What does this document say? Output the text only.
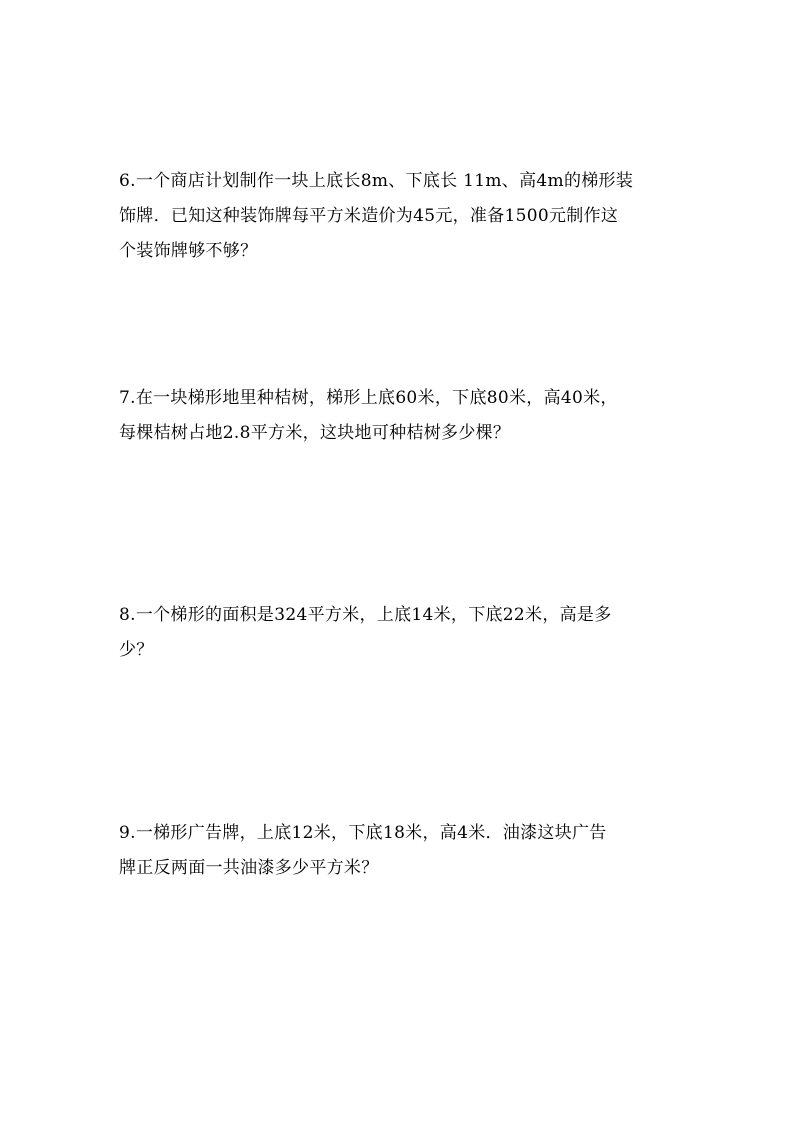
6.一个商店计划制作一块上底长8m、下底长 11m、高4m的梯形装
饰牌．已知这种装饰牌每平方米造价为45元，准备1500元制作这
个装饰牌够不够？
7.在一块梯形地里种桔树，梯形上底60米，下底80米，高40米，
每棵桔树占地2.8平方米，这块地可种桔树多少棵？
8.一个梯形的面积是324平方米，上底14米，下底22米，高是多
少？
9.一梯形广告牌，上底12米，下底18米，高4米．油漆这块广告
牌正反两面一共油漆多少平方米？
